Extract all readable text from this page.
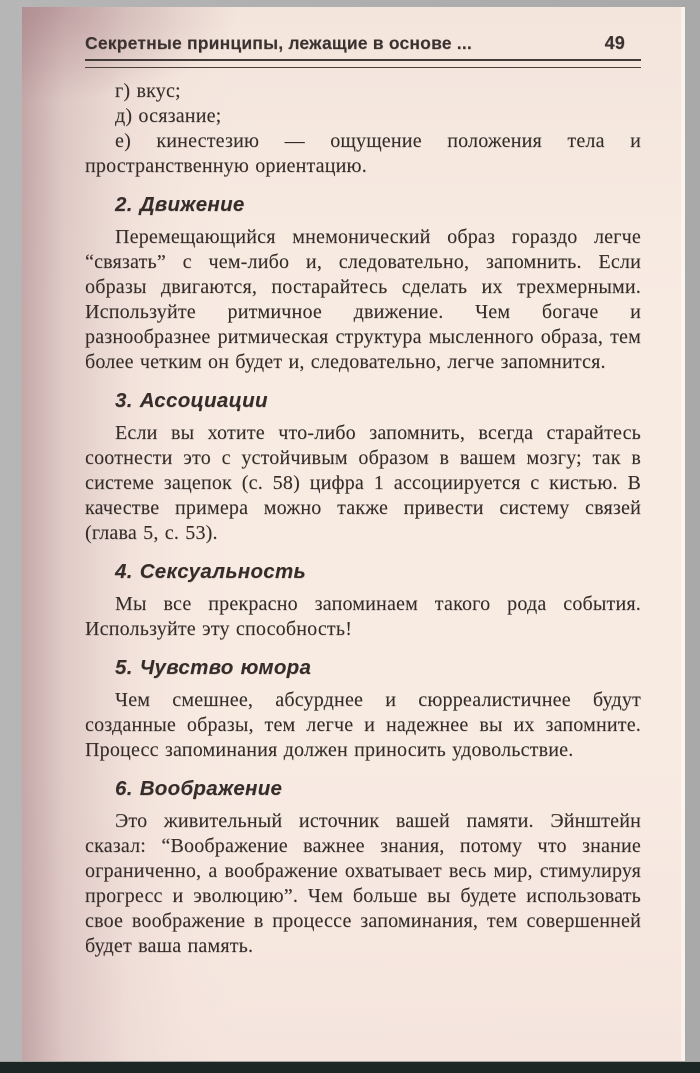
Секретные принципы, лежащие в основе ...	49

г) вкус;

д) осязание;

е) кинестезию — ощущение положения тела и пространственную ориентацию.

2. Движение

Перемещающийся мнемонический образ гораздо легче “связать” с чем-либо и, следовательно, запомнить. Если образы двигаются, постарайтесь сделать их трехмерными. Используйте ритмичное движение. Чем богаче и разнообразнее ритмическая структура мысленного образа, тем более четким он будет и, следовательно, легче запомнится.

3. Ассоциации

Если вы хотите что-либо запомнить, всегда старайтесь соотнести это с устойчивым образом в вашем мозгу; так в системе зацепок (с. 58) цифра 1 ассоциируется с кистью. В качестве примера можно также привести систему связей (глава 5, с. 53).

4. Сексуальность

Мы все прекрасно запоминаем такого рода события. Используйте эту способность!

5. Чувство юмора

Чем смешнее, абсурднее и сюрреалистичнее будут созданные образы, тем легче и надежнее вы их запомните. Процесс запоминания должен приносить удовольствие.

6. Воображение

Это живительный источник вашей памяти. Эйнштейн сказал: “Воображение важнее знания, потому что знание ограниченно, а воображение охватывает весь мир, стимулируя прогресс и эволюцию”. Чем больше вы будете использовать свое воображение в процессе запоминания, тем совершенней будет ваша память.
